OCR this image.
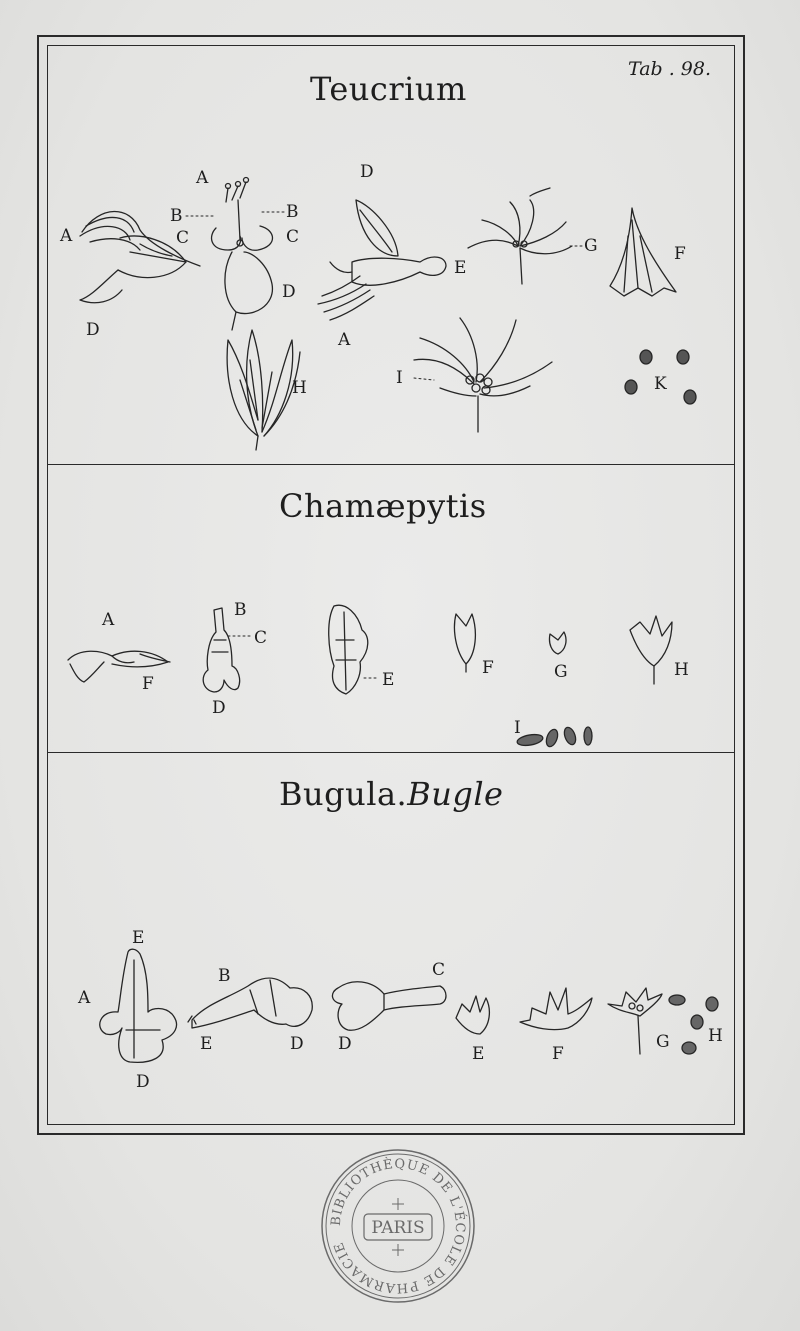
Tab . 98.
Teucrium
Chamæpytis
Bugula.Bugle
A
B
C
D
A
B
D
C
D
E
A
G	F
H	I	K
A
F
B
C
D
E
F	G	H
I
E
A
D
B
E	D D
C
E	F
G H
BIBLIOTHÈQUE DE L'ÉCOLE DE PHARMACIE
PARIS
